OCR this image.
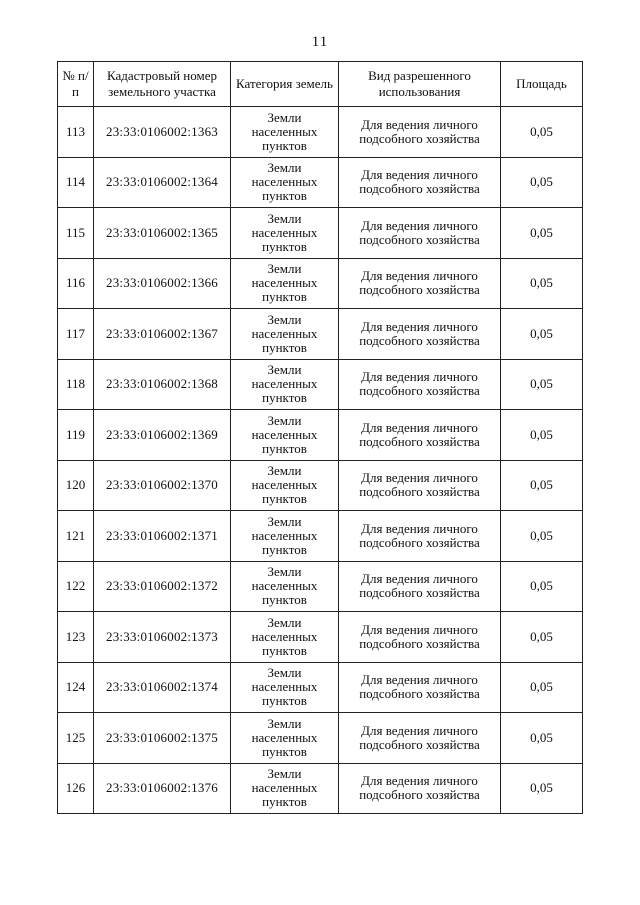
11
№ п/п	Кадастровый номер земельного участка	Категория земель	Вид разрешенного использования	Площадь
113	23:33:0106002:1363	Земли населенных пунктов	Для ведения личного подсобного хозяйства	0,05
114	23:33:0106002:1364	Земли населенных пунктов	Для ведения личного подсобного хозяйства	0,05
115	23:33:0106002:1365	Земли населенных пунктов	Для ведения личного подсобного хозяйства	0,05
116	23:33:0106002:1366	Земли населенных пунктов	Для ведения личного подсобного хозяйства	0,05
117	23:33:0106002:1367	Земли населенных пунктов	Для ведения личного подсобного хозяйства	0,05
118	23:33:0106002:1368	Земли населенных пунктов	Для ведения личного подсобного хозяйства	0,05
119	23:33:0106002:1369	Земли населенных пунктов	Для ведения личного подсобного хозяйства	0,05
120	23:33:0106002:1370	Земли населенных пунктов	Для ведения личного подсобного хозяйства	0,05
121	23:33:0106002:1371	Земли населенных пунктов	Для ведения личного подсобного хозяйства	0,05
122	23:33:0106002:1372	Земли населенных пунктов	Для ведения личного подсобного хозяйства	0,05
123	23:33:0106002:1373	Земли населенных пунктов	Для ведения личного подсобного хозяйства	0,05
124	23:33:0106002:1374	Земли населенных пунктов	Для ведения личного подсобного хозяйства	0,05
125	23:33:0106002:1375	Земли населенных пунктов	Для ведения личного подсобного хозяйства	0,05
126	23:33:0106002:1376	Земли населенных пунктов	Для ведения личного подсобного хозяйства	0,05
